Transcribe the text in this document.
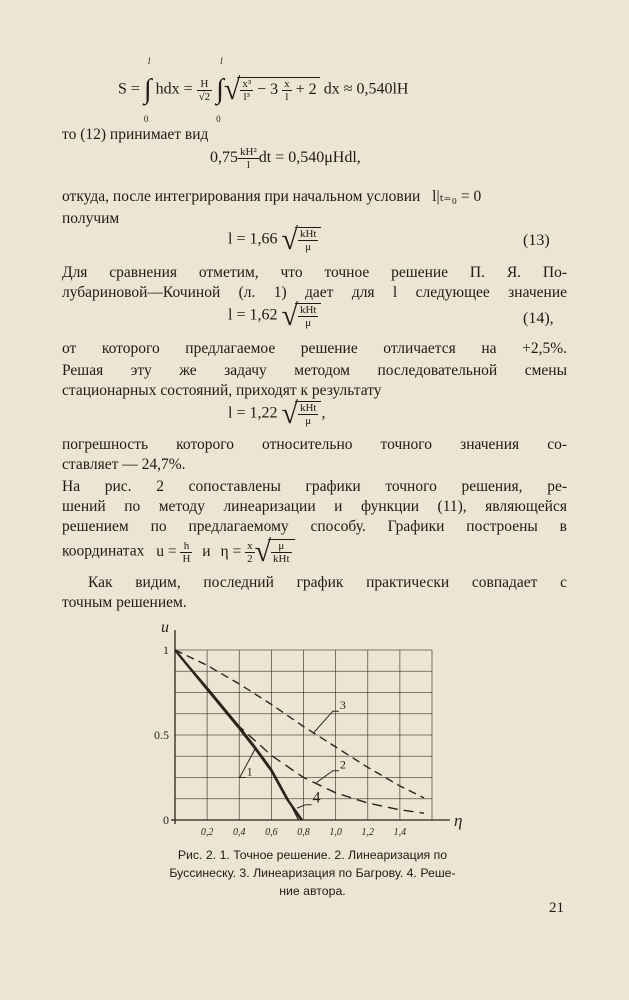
S =
l
∫
0
hdx = $\frac{H}{√2}$

l
∫
0
√ $\frac{\text{x³}}{\text{l³}} - 3 \frac{x}{l} + 2$ dx ≈ 0,540lH
то (12) принимает вид
$0,75 \frac{\text{kH²}}{l}$ dt = 0,540μHdl,
откуда, после интегрирования при начальном условии l|ₜ₌₀ = 0
получим
l = 1,66 √ $\frac{\text{kHt}}{\mu}$	(13)
Для сравнения отметим, что точное решение П. Я. По-
лубариновой—Кочиной (л. 1) дает для l следующее значение
l = 1,62 √ $\frac{\text{kHt}}{\mu}$	(14),
от которого предлагаемое решение отличается на +2,5%.
Решая эту же задачу методом последовательной смены
стационарных состояний, приходят к результату
l = 1,22 √ $\frac{\text{kHt}}{\mu}$ ,
погрешность которого относительно точного значения со-
ставляет — 24,7%.
На рис. 2 сопоставлены графики точного решения, ре-
шений по методу линеаризации и функции (11), являющейся
решением по предлагаемому способу. Графики построены в
координатах $u = \frac{h}{H}$ и $\eta = \frac{x}{2}$ √ $\frac{\mu}{\text{kHt}}$
Как видим, последний график практически совпадает с
точным решением.
0,2 0,4 0,6 0,8 1,0 1,2 1,4
0
0.5
1
u
η
1	2
3
4
Рис. 2. 1. Точное решение. 2. Линеаризация по
Буссинеску. 3. Линеаризация по Багрову. 4. Реше-
ние автора.
21
